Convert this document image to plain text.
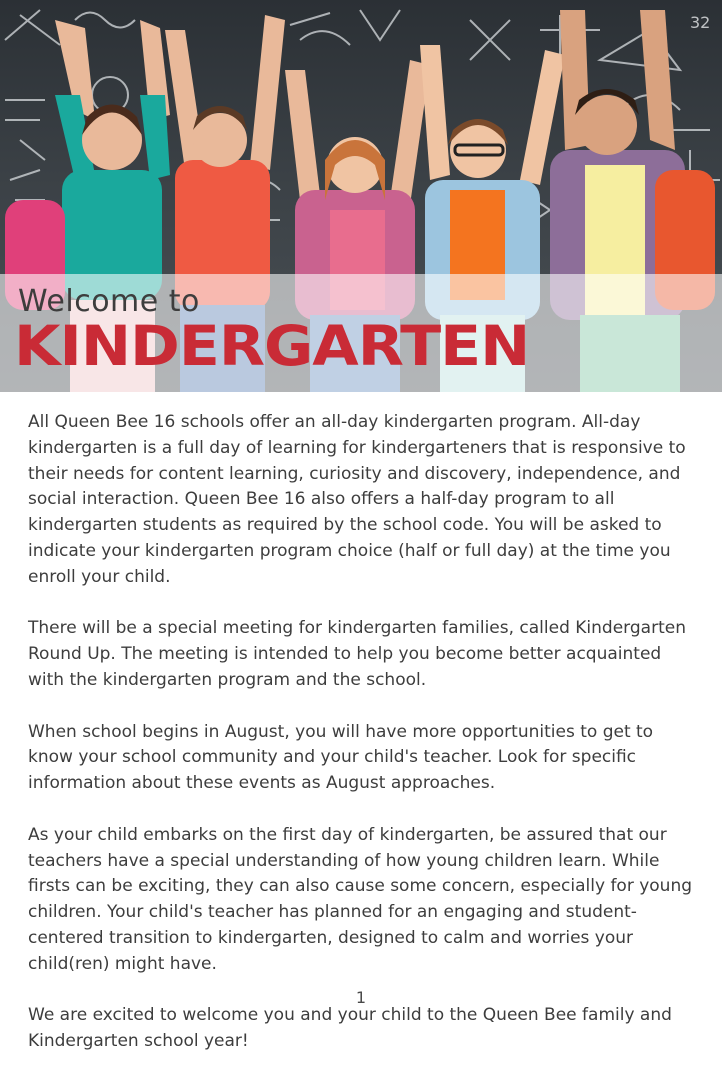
32
Welcome to
KINDERGARTEN

All Queen Bee 16 schools offer an all-day kindergarten program. All-day kindergarten is a full day of learning for kindergarteners that is responsive to their needs for content learning, curiosity and discovery, independence, and social interaction. Queen Bee 16 also offers a half-day program to all kindergarten students as required by the school code. You will be asked to indicate your kindergarten program choice (half or full day) at the time you enroll your child.

There will be a special meeting for kindergarten families, called Kindergarten Round Up. The meeting is intended to help you become better acquainted with the kindergarten program and the school.

When school begins in August, you will have more opportunities to get to know your school community and your child's teacher. Look for specific information about these events as August approaches.

As your child embarks on the first day of kindergarten, be assured that our teachers have a special understanding of how young children learn. While firsts can be exciting, they can also cause some concern, especially for young children. Your child's teacher has planned for an engaging and student-centered transition to kindergarten, designed to calm and worries your child(ren) might have.

We are excited to welcome you and your child to the Queen Bee family and Kindergarten school year!

1
